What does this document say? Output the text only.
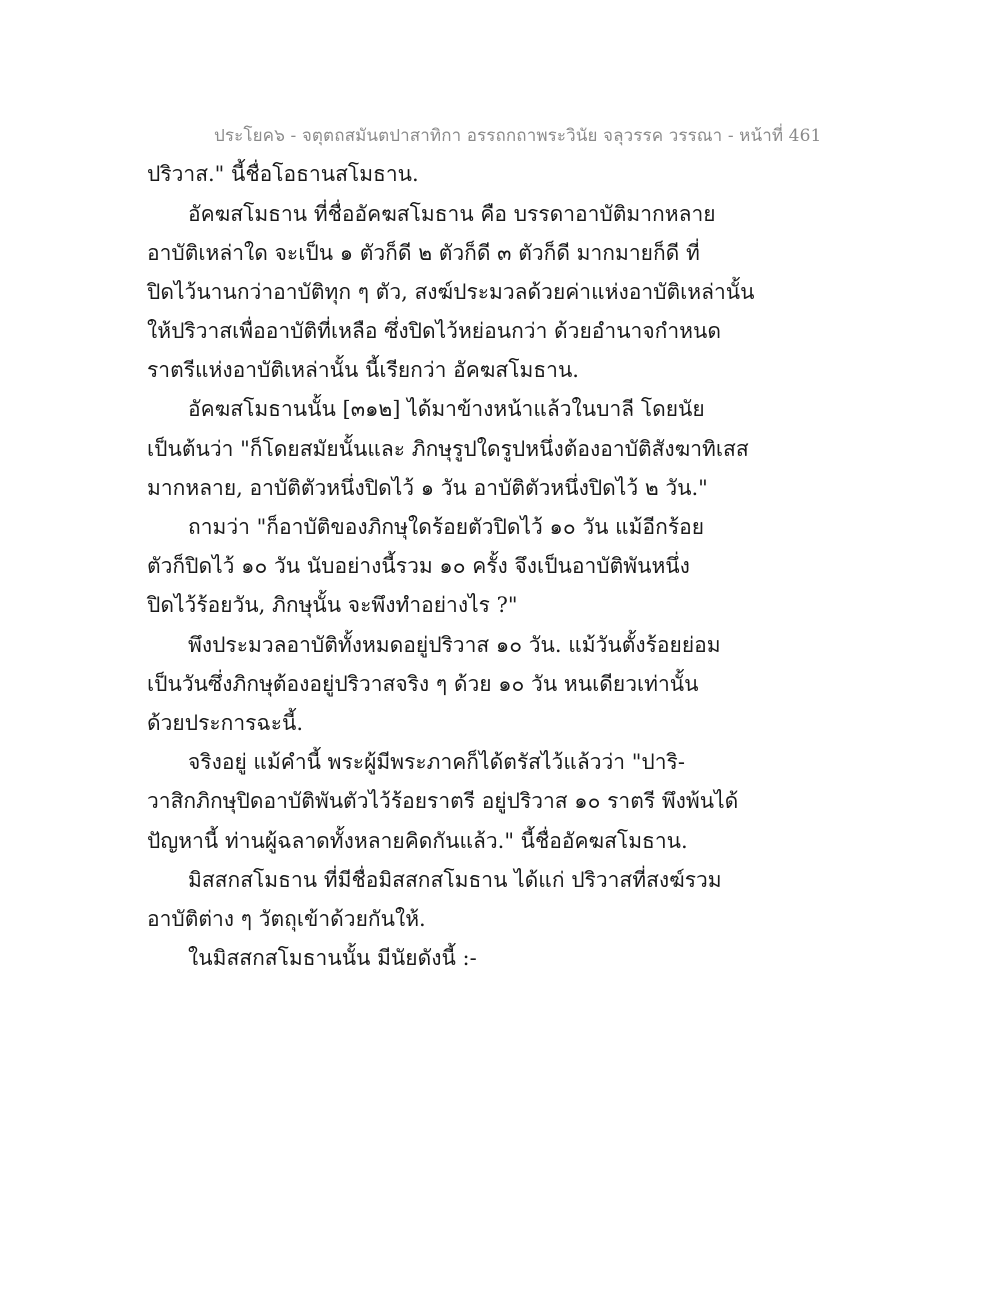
ประโยค๖ - จตุตถสมันตปาสาทิกา อรรถกถาพระวินัย จลุวรรค วรรณา - หน้าที่ 461
ปริวาส." นี้ชื่อโอธานสโมธาน.
อัคฆสโมธาน ที่ชื่ออัคฆสโมธาน คือ บรรดาอาบัติมากหลาย
อาบัติเหล่าใด จะเป็น ๑ ตัวก็ดี ๒ ตัวก็ดี ๓ ตัวก็ดี มากมายก็ดี ที่
ปิดไว้นานกว่าอาบัติทุก ๆ ตัว, สงฆ์ประมวลด้วยค่าแห่งอาบัติเหล่านั้น
ให้ปริวาสเพื่ออาบัติที่เหลือ ซึ่งปิดไว้หย่อนกว่า ด้วยอำนาจกำหนด
ราตรีแห่งอาบัติเหล่านั้น นี้เรียกว่า อัคฆสโมธาน.
อัคฆสโมธานนั้น [๓๑๒] ได้มาข้างหน้าแล้วในบาลี โดยนัย
เป็นต้นว่า "ก็โดยสมัยนั้นและ ภิกษุรูปใดรูปหนึ่งต้องอาบัติสังฆาทิเสส
มากหลาย, อาบัติตัวหนึ่งปิดไว้ ๑ วัน อาบัติตัวหนึ่งปิดไว้ ๒ วัน."
ถามว่า "ก็อาบัติของภิกษุใดร้อยตัวปิดไว้ ๑๐ วัน แม้อีกร้อย
ตัวก็ปิดไว้ ๑๐ วัน นับอย่างนี้รวม ๑๐ ครั้ง จึงเป็นอาบัติพันหนึ่ง
ปิดไว้ร้อยวัน, ภิกษุนั้น จะพึงทำอย่างไร ?"
พึงประมวลอาบัติทั้งหมดอยู่ปริวาส ๑๐ วัน. แม้วันตั้งร้อยย่อม
เป็นวันซึ่งภิกษุต้องอยู่ปริวาสจริง ๆ ด้วย ๑๐ วัน หนเดียวเท่านั้น
ด้วยประการฉะนี้.
จริงอยู่ แม้คำนี้ พระผู้มีพระภาคก็ได้ตรัสไว้แล้วว่า "ปาริ-
วาสิกภิกษุปิดอาบัติพันตัวไว้ร้อยราตรี อยู่ปริวาส ๑๐ ราตรี พึงพ้นได้
ปัญหานี้ ท่านผู้ฉลาดทั้งหลายคิดกันแล้ว." นี้ชื่ออัคฆสโมธาน.
มิสสกสโมธาน ที่มีชื่อมิสสกสโมธาน ได้แก่ ปริวาสที่สงฆ์รวม
อาบัติต่าง ๆ วัตถุเข้าด้วยกันให้.
ในมิสสกสโมธานนั้น มีนัยดังนี้ :-
